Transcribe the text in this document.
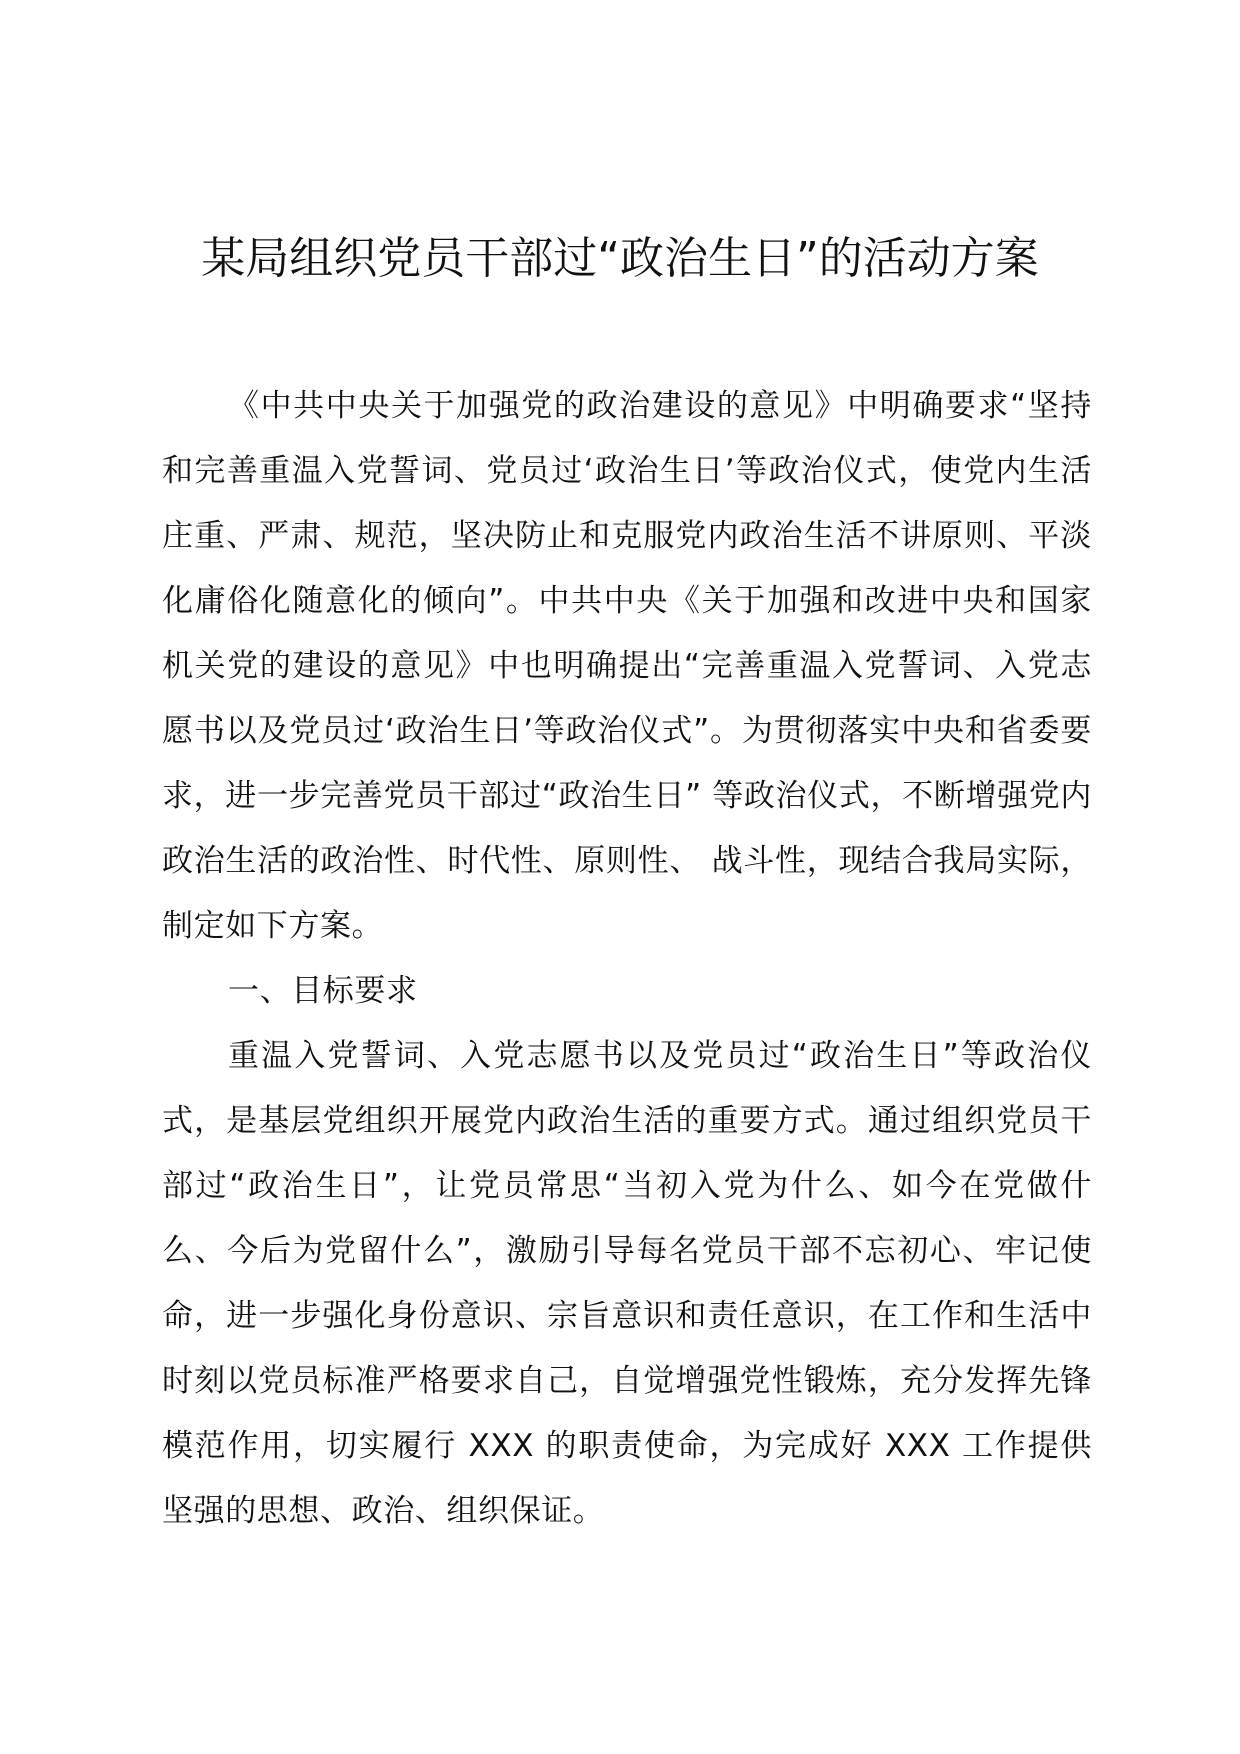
某局组织党员干部过“政治生日”的活动方案

《中共中央关于加强党的政治建设的意见》中明确要求“坚持和完善重温入党誓词、党员过‘政治生日’等政治仪式，使党内生活庄重、严肃、规范，坚决防止和克服党内政治生活不讲原则、平淡化庸俗化随意化的倾向”。中共中央《关于加强和改进中央和国家机关党的建设的意见》中也明确提出“完善重温入党誓词、入党志愿书以及党员过‘政治生日’等政治仪式”。为贯彻落实中央和省委要求，进一步完善党员干部过“政治生日” 等政治仪式，不断增强党内政治生活的政治性、时代性、原则性、 战斗性，现结合我局实际，制定如下方案。

一、目标要求

重温入党誓词、入党志愿书以及党员过“政治生日”等政治仪式，是基层党组织开展党内政治生活的重要方式。通过组织党员干部过“政治生日”，让党员常思“当初入党为什么、如今在党做什么、今后为党留什么”，激励引导每名党员干部不忘初心、牢记使命，进一步强化身份意识、宗旨意识和责任意识，在工作和生活中时刻以党员标准严格要求自己，自觉增强党性锻炼，充分发挥先锋模范作用，切实履行 XXX 的职责使命，为完成好 XXX 工作提供坚强的思想、政治、组织保证。
